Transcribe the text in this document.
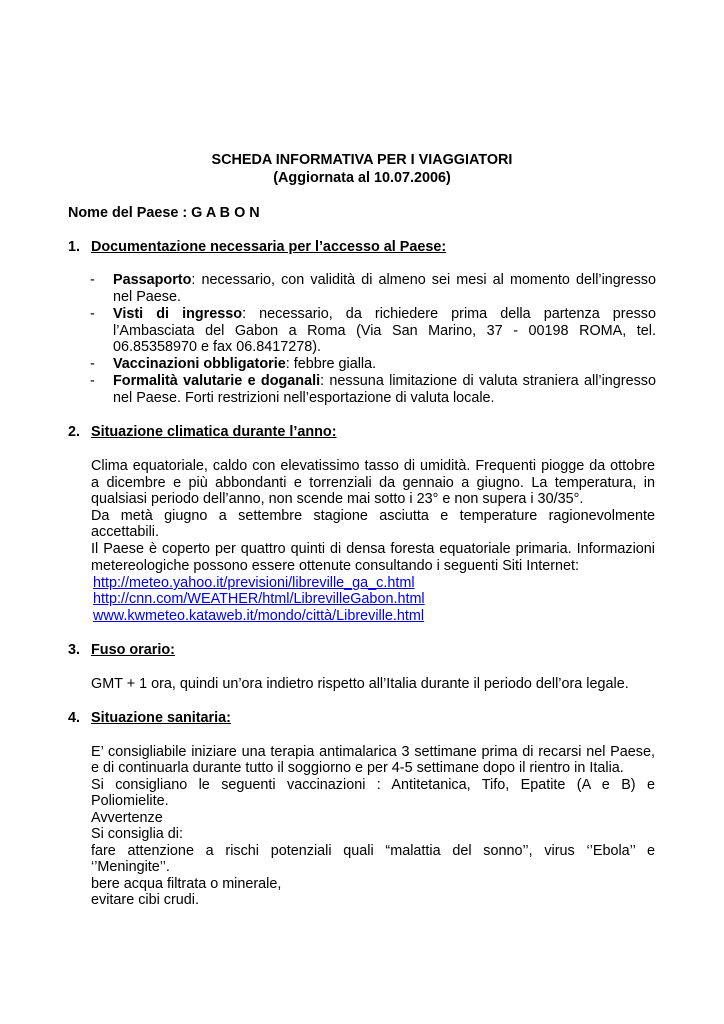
SCHEDA INFORMATIVA PER I VIAGGIATORI
(Aggiornata al 10.07.2006)
Nome del Paese : G A B O N
1. Documentazione necessaria per l’accesso al Paese:
- Passaporto: necessario, con validità di almeno sei mesi al momento dell’ingresso
nel Paese.
- Visti di ingresso: necessario, da richiedere prima della partenza presso
l’Ambasciata del Gabon a Roma (Via San Marino, 37 - 00198 ROMA, tel.
06.85358970 e fax 06.8417278).
- Vaccinazioni obbligatorie: febbre gialla.
- Formalità valutarie e doganali: nessuna limitazione di valuta straniera all’ingresso
nel Paese. Forti restrizioni nell’esportazione di valuta locale.
2. Situazione climatica durante l’anno:
Clima equatoriale, caldo con elevatissimo tasso di umidità. Frequenti piogge da ottobre
a dicembre e più abbondanti e torrenziali da gennaio a giugno. La temperatura, in
qualsiasi periodo dell’anno, non scende mai sotto i 23° e non supera i 30/35°.
Da metà giugno a settembre stagione asciutta e temperature ragionevolmente
accettabili.
Il Paese è coperto per quattro quinti di densa foresta equatoriale primaria. Informazioni
metereologiche possono essere ottenute consultando i seguenti Siti Internet:
http://meteo.yahoo.it/previsioni/libreville_ga_c.html
http://cnn.com/WEATHER/html/LibrevilleGabon.html
www.kwmeteo.kataweb.it/mondo/città/Libreville.html
3. Fuso orario:
GMT + 1 ora, quindi un’ora indietro rispetto all’Italia durante il periodo dell’ora legale.
4. Situazione sanitaria:
E’ consigliabile iniziare una terapia antimalarica 3 settimane prima di recarsi nel Paese,
e di continuarla durante tutto il soggiorno e per 4-5 settimane dopo il rientro in Italia.
Si consigliano le seguenti vaccinazioni : Antitetanica, Tifo, Epatite (A e B) e
Poliomielite.
Avvertenze
Si consiglia di:
fare attenzione a rischi potenziali quali “malattia del sonno’’, virus ‘’Ebola’’ e
‘’Meningite’’.
bere acqua filtrata o minerale,
evitare cibi crudi.
